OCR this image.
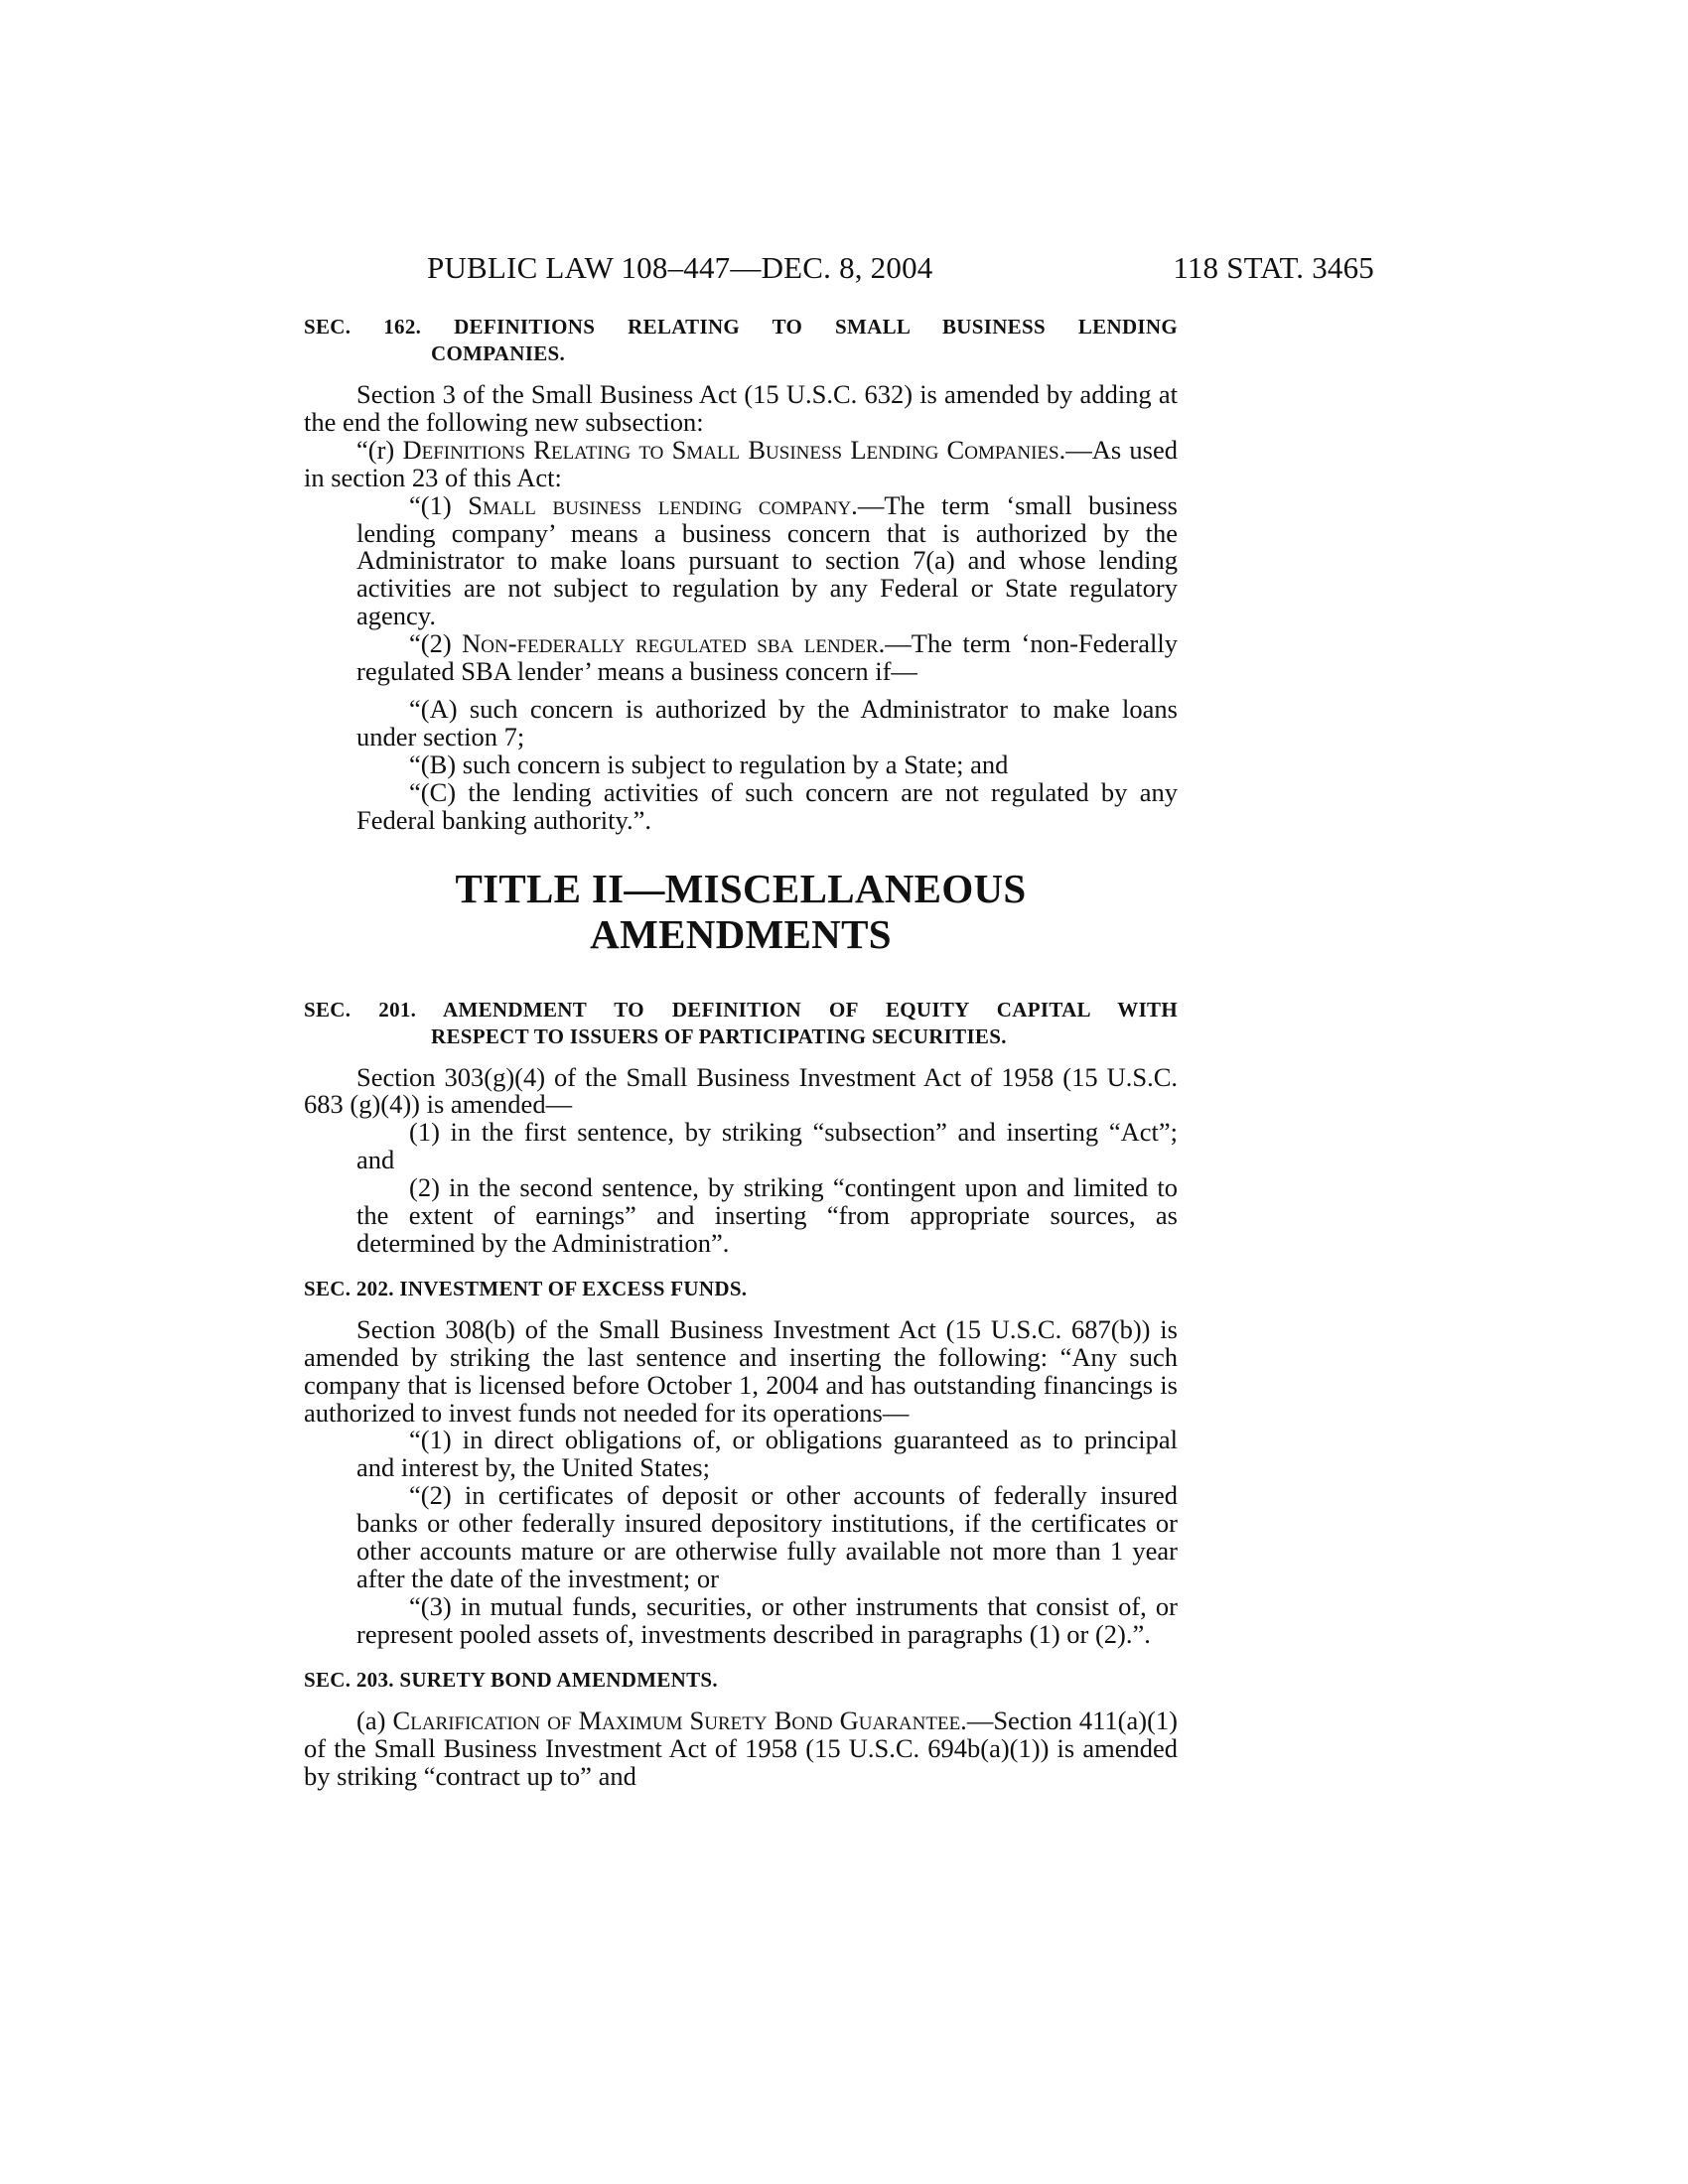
PUBLIC LAW 108–447—DEC. 8, 2004	118 STAT. 3465
SEC. 162. DEFINITIONS RELATING TO SMALL BUSINESS LENDING
COMPANIES.

Section 3 of the Small Business Act (15 U.S.C. 632) is amended by adding at the end the following new subsection:

“(r) Definitions Relating to Small Business Lending Companies.—As used in section 23 of this Act:

“(1) Small business lending company.—The term ‘small business lending company’ means a business concern that is authorized by the Administrator to make loans pursuant to section 7(a) and whose lending activities are not subject to regulation by any Federal or State regulatory agency.

“(2) Non-federally regulated sba lender.—The term ‘non-Federally regulated SBA lender’ means a business concern if—

“(A) such concern is authorized by the Administrator to make loans under section 7;

“(B) such concern is subject to regulation by a State; and

“(C) the lending activities of such concern are not regulated by any Federal banking authority.”.

TITLE II—MISCELLANEOUS
AMENDMENTS
SEC. 201. AMENDMENT TO DEFINITION OF EQUITY CAPITAL WITH
RESPECT TO ISSUERS OF PARTICIPATING SECURITIES.

Section 303(g)(4) of the Small Business Investment Act of 1958 (15 U.S.C. 683 (g)(4)) is amended—

(1) in the first sentence, by striking “subsection” and inserting “Act”; and

(2) in the second sentence, by striking “contingent upon and limited to the extent of earnings” and inserting “from appropriate sources, as determined by the Administration”.

SEC. 202. INVESTMENT OF EXCESS FUNDS.

Section 308(b) of the Small Business Investment Act (15 U.S.C. 687(b)) is amended by striking the last sentence and inserting the following: “Any such company that is licensed before October 1, 2004 and has outstanding financings is authorized to invest funds not needed for its operations—

“(1) in direct obligations of, or obligations guaranteed as to principal and interest by, the United States;

“(2) in certificates of deposit or other accounts of federally insured banks or other federally insured depository institutions, if the certificates or other accounts mature or are otherwise fully available not more than 1 year after the date of the investment; or

“(3) in mutual funds, securities, or other instruments that consist of, or represent pooled assets of, investments described in paragraphs (1) or (2).”.

SEC. 203. SURETY BOND AMENDMENTS.

(a) Clarification of Maximum Surety Bond Guarantee.—Section 411(a)(1) of the Small Business Investment Act of 1958 (15 U.S.C. 694b(a)(1)) is amended by striking “contract up to” and
